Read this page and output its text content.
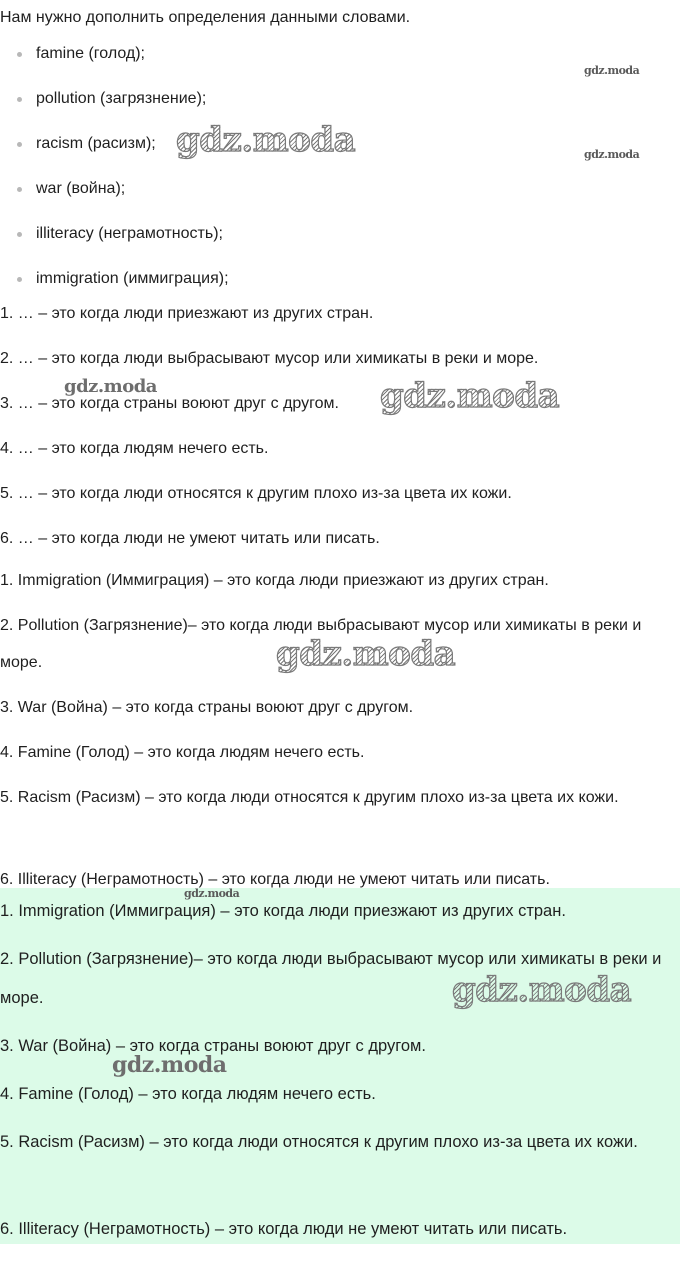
Нам нужно дополнить определения данными словами.
famine (голод);
pollution (загрязнение);
racism (расизм);
war (война);
illiteracy (неграмотность);
immigration (иммиграция);
1. … – это когда люди приезжают из других стран.
2. … – это когда люди выбрасывают мусор или химикаты в реки и море.
3. … – это когда страны воюют друг с другом.
4. … – это когда людям нечего есть.
5. … – это когда люди относятся к другим плохо из-за цвета их кожи.
6. … – это когда люди не умеют читать или писать.
1. Immigration (Иммиграция) – это когда люди приезжают из других стран.
2. Pollution (Загрязнение)– это когда люди выбрасывают мусор или химикаты в реки и море.
3. War (Война) – это когда страны воюют друг с другом.
4. Famine (Голод) – это когда людям нечего есть.
5. Racism (Расизм) – это когда люди относятся к другим плохо из-за цвета их кожи.
6. Illiteracy (Неграмотность) – это когда люди не умеют читать или писать.
1. Immigration (Иммиграция) – это когда люди приезжают из других стран.
2. Pollution (Загрязнение)– это когда люди выбрасывают мусор или химикаты в реки и море.
3. War (Война) – это когда страны воюют друг с другом.
4. Famine (Голод) – это когда людям нечего есть.
5. Racism (Расизм) – это когда люди относятся к другим плохо из-за цвета их кожи.
6. Illiteracy (Неграмотность) – это когда люди не умеют читать или писать.
gdz.moda
gdz.moda	gdz.moda
gdz.moda	gdz.moda
gdz.moda
gdz.moda
gdz.moda
gdz.moda
